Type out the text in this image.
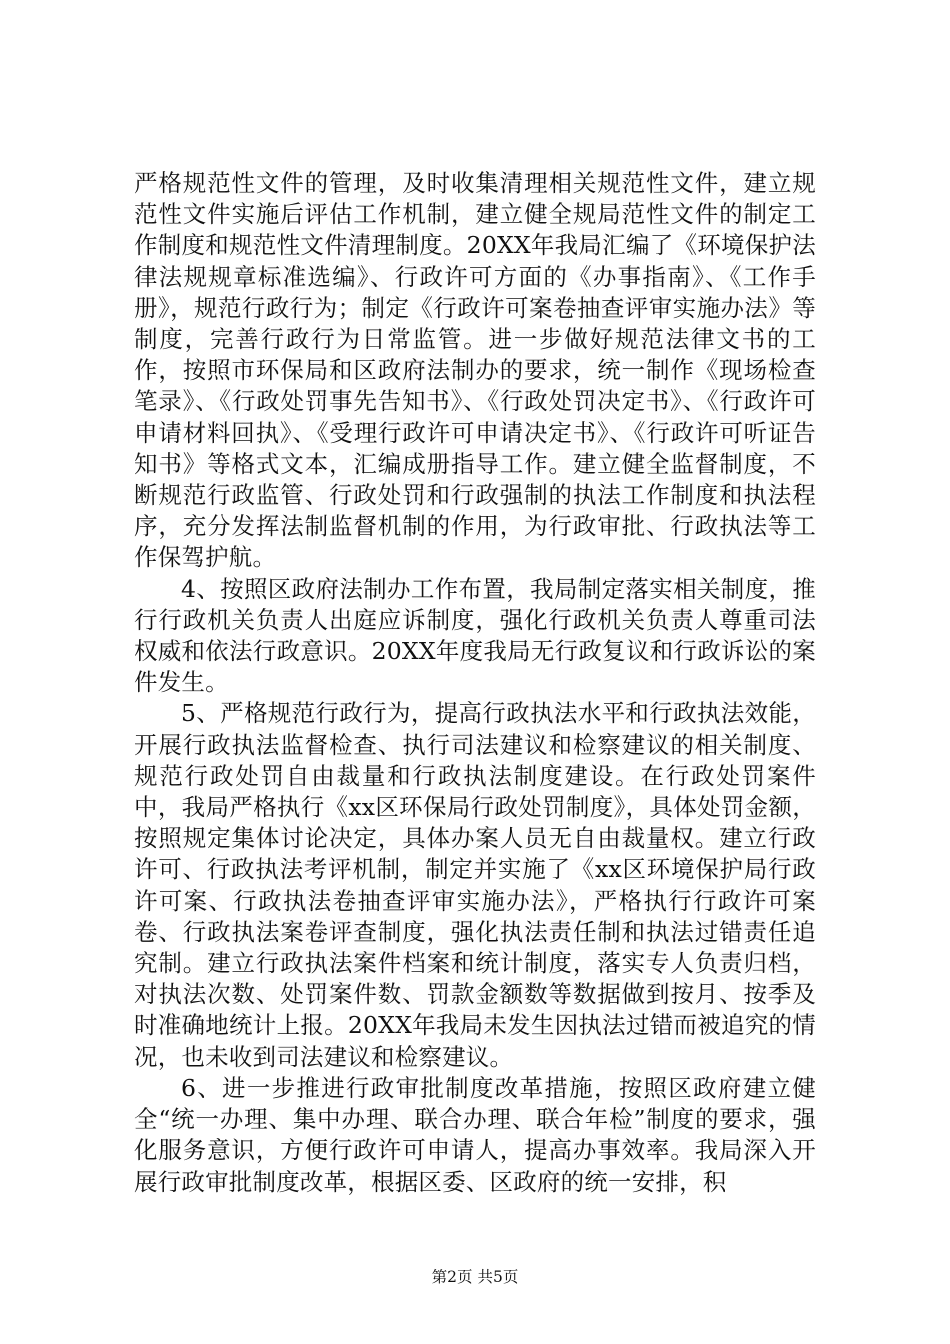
严格规范性文件的管理，及时收集清理相关规范性文件，建立规范性文件实施后评估工作机制，建立健全规局范性文件的制定工作制度和规范性文件清理制度。20XX年我局汇编了《环境保护法律法规规章标准选编》、行政许可方面的《办事指南》、《工作手册》，规范行政行为；制定《行政许可案卷抽查评审实施办法》等制度，完善行政行为日常监管。进一步做好规范法律文书的工作，按照市环保局和区政府法制办的要求，统一制作《现场检查笔录》、《行政处罚事先告知书》、《行政处罚决定书》、《行政许可申请材料回执》、《受理行政许可申请决定书》、《行政许可听证告知书》等格式文本，汇编成册指导工作。建立健全监督制度，不断规范行政监管、行政处罚和行政强制的执法工作制度和执法程序，充分发挥法制监督机制的作用，为行政审批、行政执法等工作保驾护航。

4、按照区政府法制办工作布置，我局制定落实相关制度，推行行政机关负责人出庭应诉制度，强化行政机关负责人尊重司法权威和依法行政意识。20XX年度我局无行政复议和行政诉讼的案件发生。

5、严格规范行政行为，提高行政执法水平和行政执法效能，开展行政执法监督检查、执行司法建议和检察建议的相关制度、规范行政处罚自由裁量和行政执法制度建设。在行政处罚案件中，我局严格执行《xx区环保局行政处罚制度》，具体处罚金额，按照规定集体讨论决定，具体办案人员无自由裁量权。建立行政许可、行政执法考评机制，制定并实施了《xx区环境保护局行政许可案、行政执法卷抽查评审实施办法》，严格执行行政许可案卷、行政执法案卷评查制度，强化执法责任制和执法过错责任追究制。建立行政执法案件档案和统计制度，落实专人负责归档，对执法次数、处罚案件数、罚款金额数等数据做到按月、按季及时准确地统计上报。20XX年我局未发生因执法过错而被追究的情况，也未收到司法建议和检察建议。

6、进一步推进行政审批制度改革措施，按照区政府建立健全“统一办理、集中办理、联合办理、联合年检”制度的要求，强化服务意识，方便行政许可申请人，提高办事效率。我局深入开展行政审批制度改革，根据区委、区政府的统一安排，积

第2页 共5页
